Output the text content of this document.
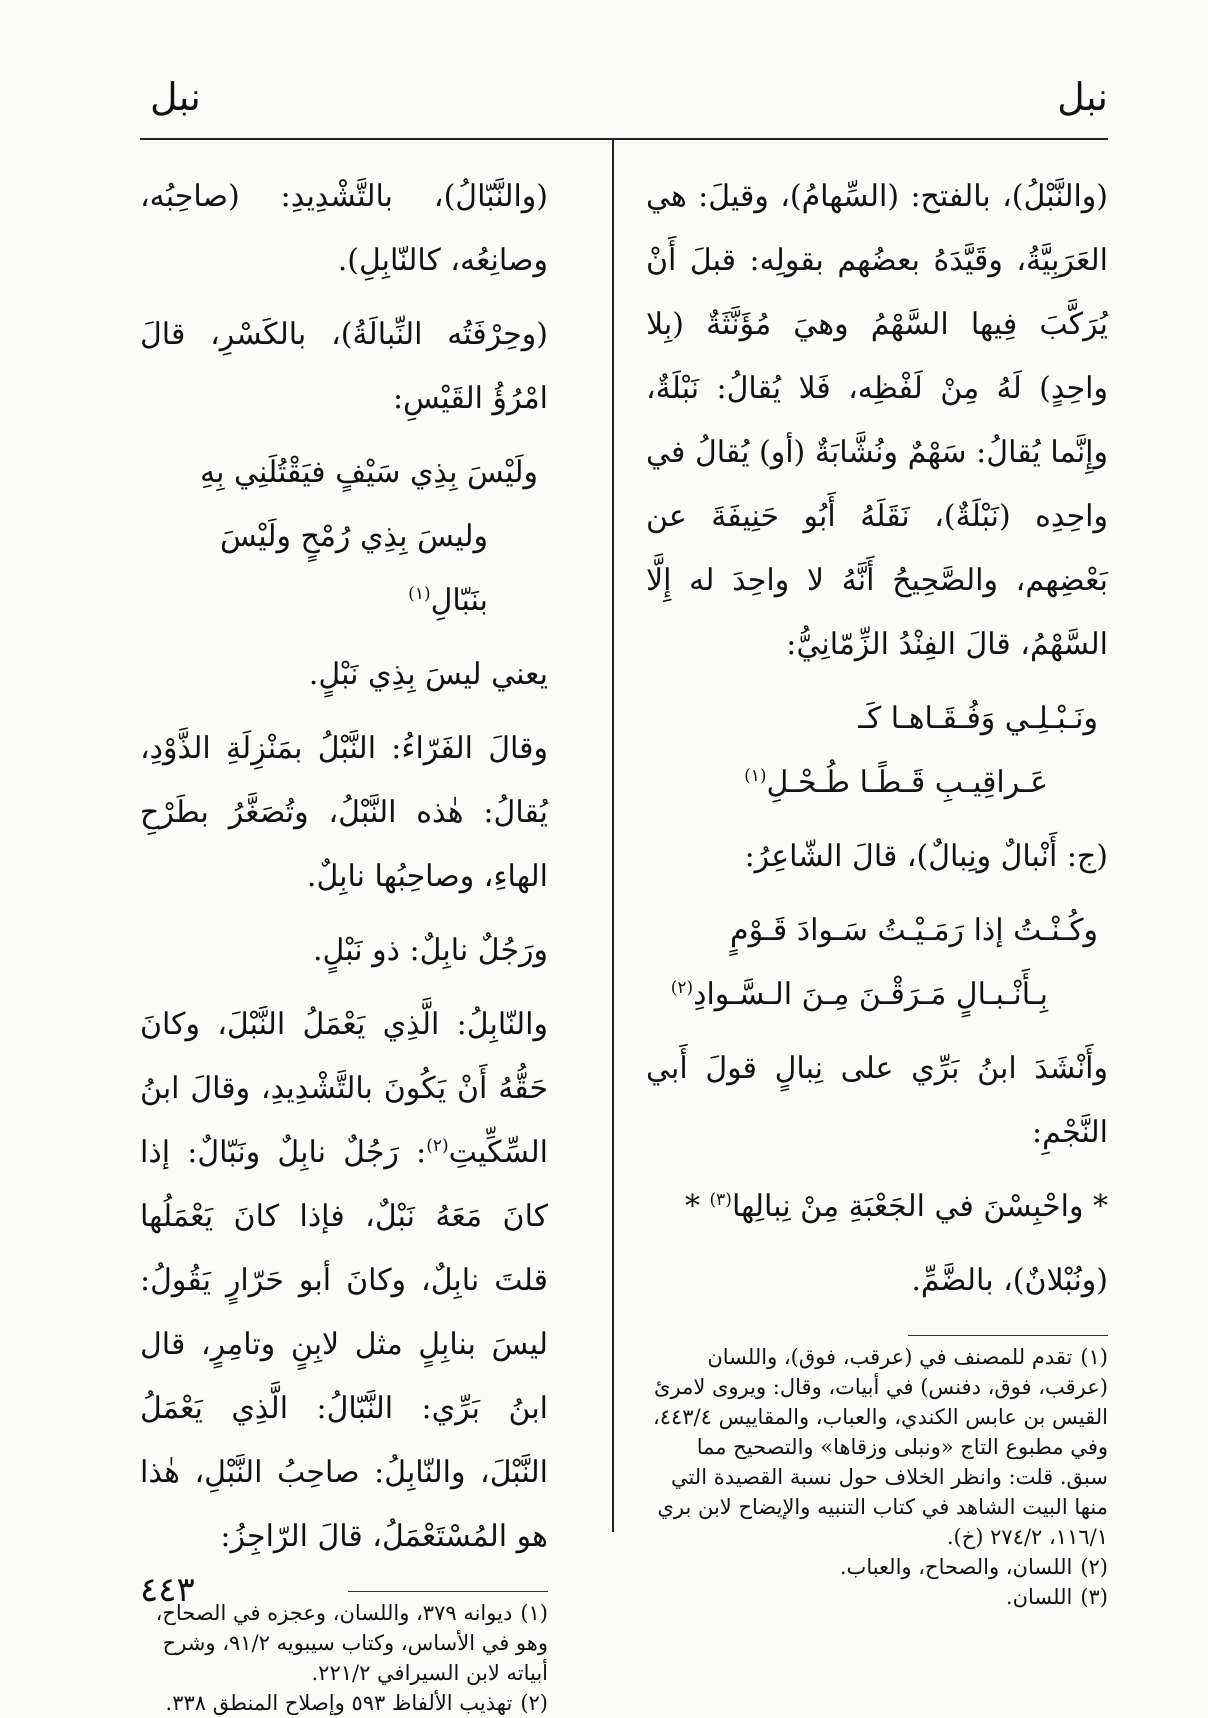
نبل
نبل

(والنَّبْلُ)، بالفتح: (السِّهامُ)، وقيلَ: هي العَرَبِيَّةُ، وقَيَّدَهُ بعضُهم بقولِه: قبلَ أَنْ يُرَكَّبَ فِيها السَّهْمُ وهيَ مُؤَنَّثَةٌ (بِلا واحِدٍ) لَهُ مِنْ لَفْظِه، فَلا يُقالُ: نَبْلَةٌ، وإِنَّما يُقالُ: سَهْمٌ ونُشَّابَةٌ (أو) يُقالُ في واحِدِه (نَبْلَةٌ)، نَقَلَهُ أَبُو حَنِيفَةَ عن بَعْضِهم، والصَّحِيحُ أَنَّهُ لا واحِدَ له إِلَّا السَّهْمُ، قالَ الفِنْدُ الزِّمّانِيُّ:

ونَـبْـلِـي وَفُـقَـاهـا كَـ

عَـراقِيـبِ قَـطًـا طُـحْـلِ$^{(١)}$

(ج: أَنْبالٌ ونِبالٌ)، قالَ الشّاعِرُ:

وكُـنْـتُ إذا رَمَـيْـتُ سَـوادَ قَـوْمٍ

بِـأَنْـبـالٍ مَـرَقْـنَ مِـنَ الـسَّـوادِ$^{(٢)}$

وأَنْشَدَ ابنُ بَرِّي على نِبالٍ قولَ أَبي النَّجْمِ:

* واحْبِسْنَ في الجَعْبَةِ مِنْ نِبالِها$^{(٣)}$ *

(ونُبْلانٌ)، بالضَّمِّ.

(١)تقدم للمصنف في (عرقب، فوق)، واللسان (عرقب، فوق، دفنس) في أبيات، وقال: ويروى لامرئ القيس بن عابس الكندي، والعباب، والمقاييس ٤٤٣/٤، وفي مطبوع التاج «ونبلى وزقاها» والتصحيح مما سبق. قلت: وانظر الخلاف حول نسبة القصيدة التي منها البيت الشاهد في كتاب التنبيه والإيضاح لابن بري ١١٦/١، ٢٧٤/٢ (خ).

(٢)اللسان، والصحاح، والعباب.

(٣)اللسان.

(والنَّبّالُ)، بالتَّشْدِيدِ: (صاحِبُه، وصانِعُه، كالنّابِلِ).

(وحِرْفَتُه النِّبالَةُ)، بالكَسْرِ، قالَ امْرُؤُ القَيْسِ:

ولَيْسَ بِذِي سَيْفٍ فيَقْتُلَنِي بِهِ

وليسَ بِذِي رُمْحٍ ولَيْسَ بنَبّالِ$^{(١)}$

يعني ليسَ بِذِي نَبْلٍ.

وقالَ الفَرّاءُ: النَّبْلُ بمَنْزِلَةِ الذَّوْدِ، يُقالُ: هٰذه النَّبْلُ، وتُصَغَّرُ بطَرْحِ الهاءِ، وصاحِبُها نابِلٌ.

ورَجُلٌ نابِلٌ: ذو نَبْلٍ.

والنّابِلُ: الَّذِي يَعْمَلُ النَّبْلَ، وكانَ حَقُّهُ أَنْ يَكُونَ بالتَّشْدِيدِ، وقالَ ابنُ السِّكِّيتِ$^{(٢)}$: رَجُلٌ نابِلٌ ونَبّالٌ: إذا كانَ مَعَهُ نَبْلٌ، فإذا كانَ يَعْمَلُها قلتَ نابِلٌ، وكانَ أبو حَرّارٍ يَقُولُ: ليسَ بنابِلٍ مثل لابِنٍ وتامِرٍ، قال ابنُ بَرِّي: النَّبّالُ: الَّذِي يَعْمَلُ النَّبْلَ، والنّابِلُ: صاحِبُ النَّبْلِ، هٰذا هو المُسْتَعْمَلُ، قالَ الرّاجِزُ:

(١)ديوانه ٣٧٩، واللسان، وعجزه في الصحاح، وهو في الأساس، وكتاب سيبويه ٩١/٢، وشرح أبياته لابن السيرافي ٢٢١/٢.

(٢)تهذيب الألفاظ ٥٩٣ وإصلاح المنطق ٣٣٨.

٤٤٣
